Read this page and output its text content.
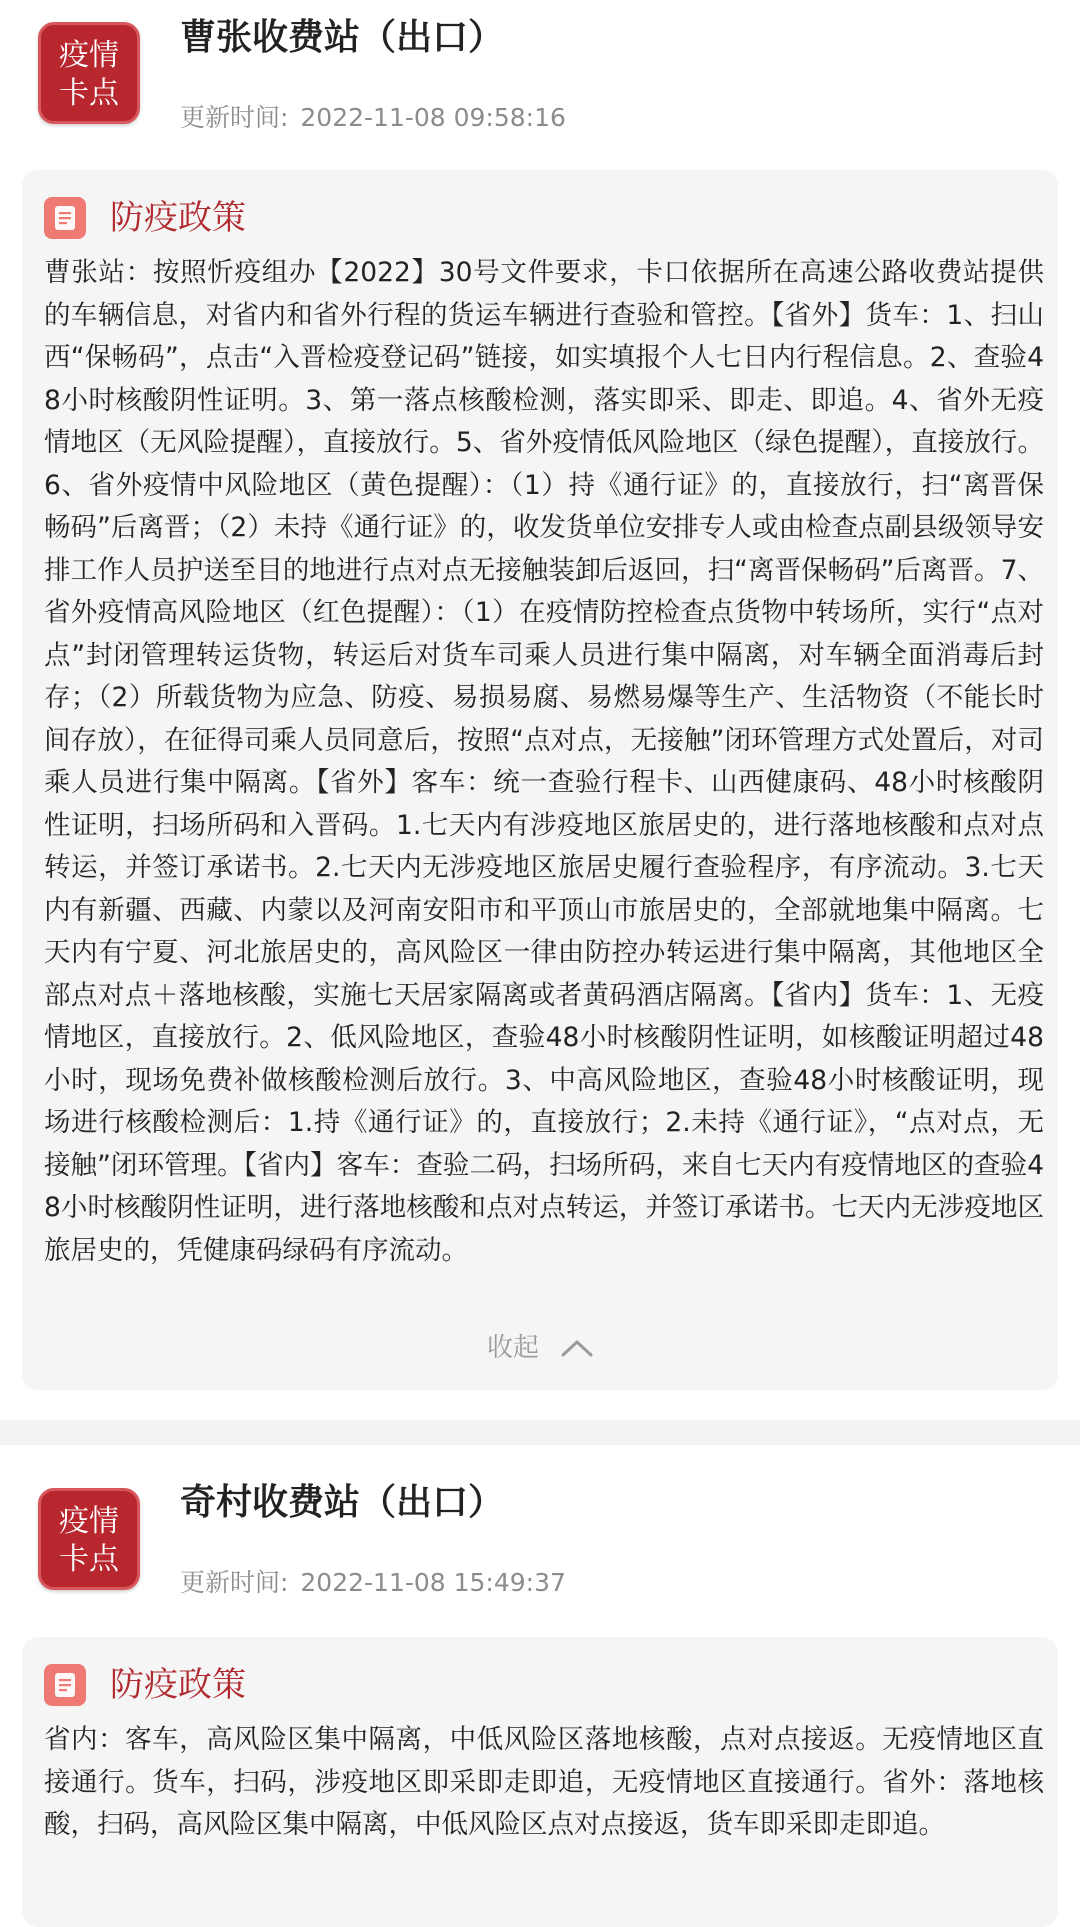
疫情
卡点
曹张收费站（出口）
更新时间: 2022-11-08 09:58:16
防疫政策

曹张站：按照忻疫组办【2022】30号文件要求，卡口依据所在高速公路收费站提供的车辆信息，对省内和省外行程的货运车辆进行查验和管控。【省外】货车：1、扫山西“保畅码”，点击“入晋检疫登记码”链接，如实填报个人七日内行程信息。2、查验48小时核酸阴性证明。3、第一落点核酸检测，落实即采、即走、即追。4、省外无疫情地区（无风险提醒），直接放行。5、省外疫情低风险地区（绿色提醒），直接放行。6、省外疫情中风险地区（黄色提醒）：（1）持《通行证》的，直接放行，扫“离晋保畅码”后离晋；（2）未持《通行证》的，收发货单位安排专人或由检查点副县级领导安排工作人员护送至目的地进行点对点无接触装卸后返回，扫“离晋保畅码”后离晋。7、省外疫情高风险地区（红色提醒）：（1）在疫情防控检查点货物中转场所，实行“点对点”封闭管理转运货物，转运后对货车司乘人员进行集中隔离，对车辆全面消毒后封存；（2）所载货物为应急、防疫、易损易腐、易燃易爆等生产、生活物资（不能长时间存放），在征得司乘人员同意后，按照“点对点，无接触”闭环管理方式处置后，对司乘人员进行集中隔离。【省外】客车：统一查验行程卡、山西健康码、48小时核酸阴性证明，扫场所码和入晋码。1.七天内有涉疫地区旅居史的，进行落地核酸和点对点转运，并签订承诺书。2.七天内无涉疫地区旅居史履行查验程序，有序流动。3.七天内有新疆、西藏、内蒙以及河南安阳市和平顶山市旅居史的，全部就地集中隔离。七天内有宁夏、河北旅居史的，高风险区一律由防控办转运进行集中隔离，其他地区全部点对点＋落地核酸，实施七天居家隔离或者黄码酒店隔离。【省内】货车：1、无疫情地区，直接放行。2、低风险地区，查验48小时核酸阴性证明，如核酸证明超过48小时，现场免费补做核酸检测后放行。3、中高风险地区，查验48小时核酸证明，现场进行核酸检测后：1.持《通行证》的，直接放行；2.未持《通行证》，“点对点，无接触”闭环管理。【省内】客车：查验二码，扫场所码，来自七天内有疫情地区的查验48小时核酸阴性证明，进行落地核酸和点对点转运，并签订承诺书。七天内无涉疫地区旅居史的，凭健康码绿码有序流动。

收起
疫情
卡点
奇村收费站（出口）
更新时间: 2022-11-08 15:49:37
防疫政策

省内：客车，高风险区集中隔离，中低风险区落地核酸，点对点接返。无疫情地区直接通行。货车，扫码，涉疫地区即采即走即追，无疫情地区直接通行。省外：落地核酸，扫码，高风险区集中隔离，中低风险区点对点接返，货车即采即走即追。
